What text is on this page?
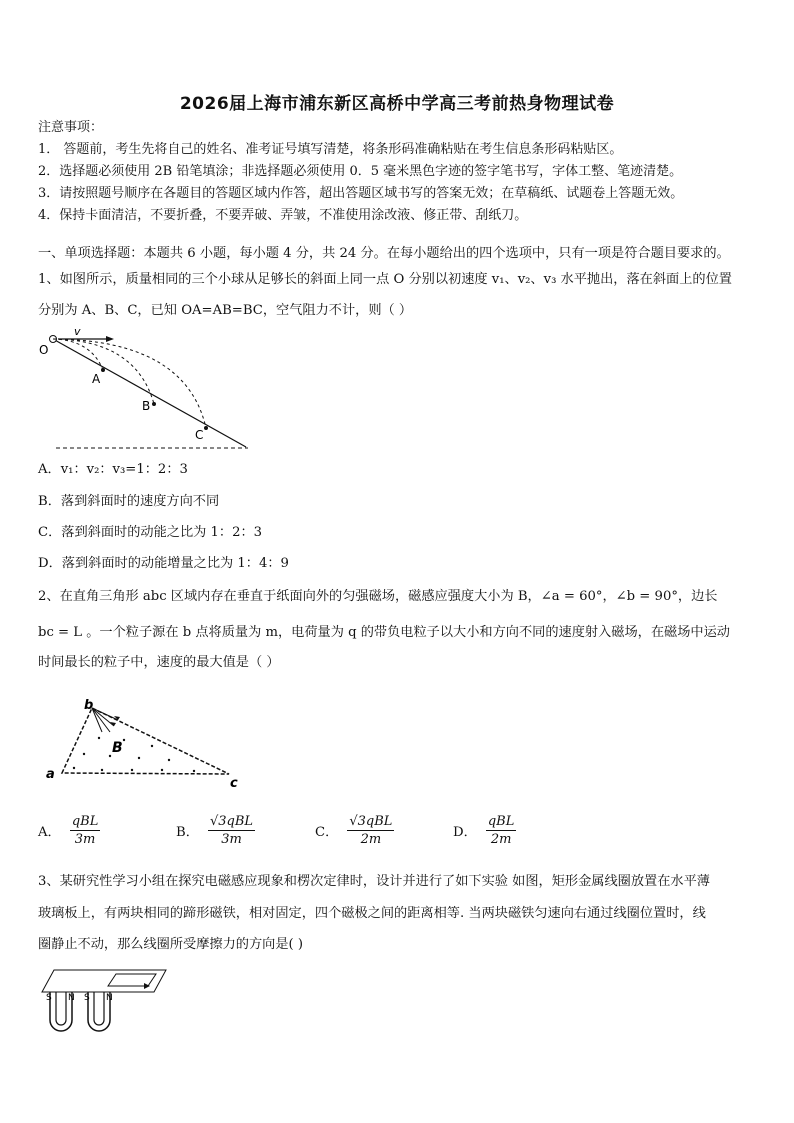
2026届上海市浦东新区高桥中学高三考前热身物理试卷
注意事项：
1． 答题前，考生先将自己的姓名、准考证号填写清楚，将条形码准确粘贴在考生信息条形码粘贴区。
2．选择题必须使用 2B 铅笔填涂；非选择题必须使用 0．5 毫米黑色字迹的签字笔书写，字体工整、笔迹清楚。
3．请按照题号顺序在各题目的答题区域内作答，超出答题区域书写的答案无效；在草稿纸、试题卷上答题无效。
4．保持卡面清洁，不要折叠，不要弄破、弄皱，不准使用涂改液、修正带、刮纸刀。
一、单项选择题：本题共 6 小题，每小题 4 分，共 24 分。在每小题给出的四个选项中，只有一项是符合题目要求的。
1、如图所示，质量相同的三个小球从足够长的斜面上同一点 O 分别以初速度 v₁、v₂、v₃ 水平抛出，落在斜面上的位置
分别为 A、B、C，已知 OA=AB=BC，空气阻力不计，则（ ）
O
A
B
C
v
A．v₁：v₂：v₃=1：2：3
B．落到斜面时的速度方向不同
C．落到斜面时的动能之比为 1：2：3
D．落到斜面时的动能增量之比为 1：4：9
2、在直角三角形 abc 区域内存在垂直于纸面向外的匀强磁场，磁感应强度大小为 B，∠a = 60°，∠b = 90°，边长
bc = L 。一个粒子源在 b 点将质量为 m，电荷量为 q 的带负电粒子以大小和方向不同的速度射入磁场，在磁场中运动
时间最长的粒子中，速度的最大值是（ ）
b
a
c
B
A． $\frac{\text{qBL}}{3m}$	B． $\frac{\text{√3qBL}}{3m}$	C． $\frac{\text{√3qBL}}{2m}$	D． $\frac{\text{qBL}}{2m}$
3、某研究性学习小组在探究电磁感应现象和楞次定律时，设计并进行了如下实验 如图，矩形金属线圈放置在水平薄
玻璃板上，有两块相同的蹄形磁铁，相对固定，四个磁极之间的距离相等. 当两块磁铁匀速向右通过线圈位置时，线
圈静止不动，那么线圈所受摩擦力的方向是( )
S N S N
